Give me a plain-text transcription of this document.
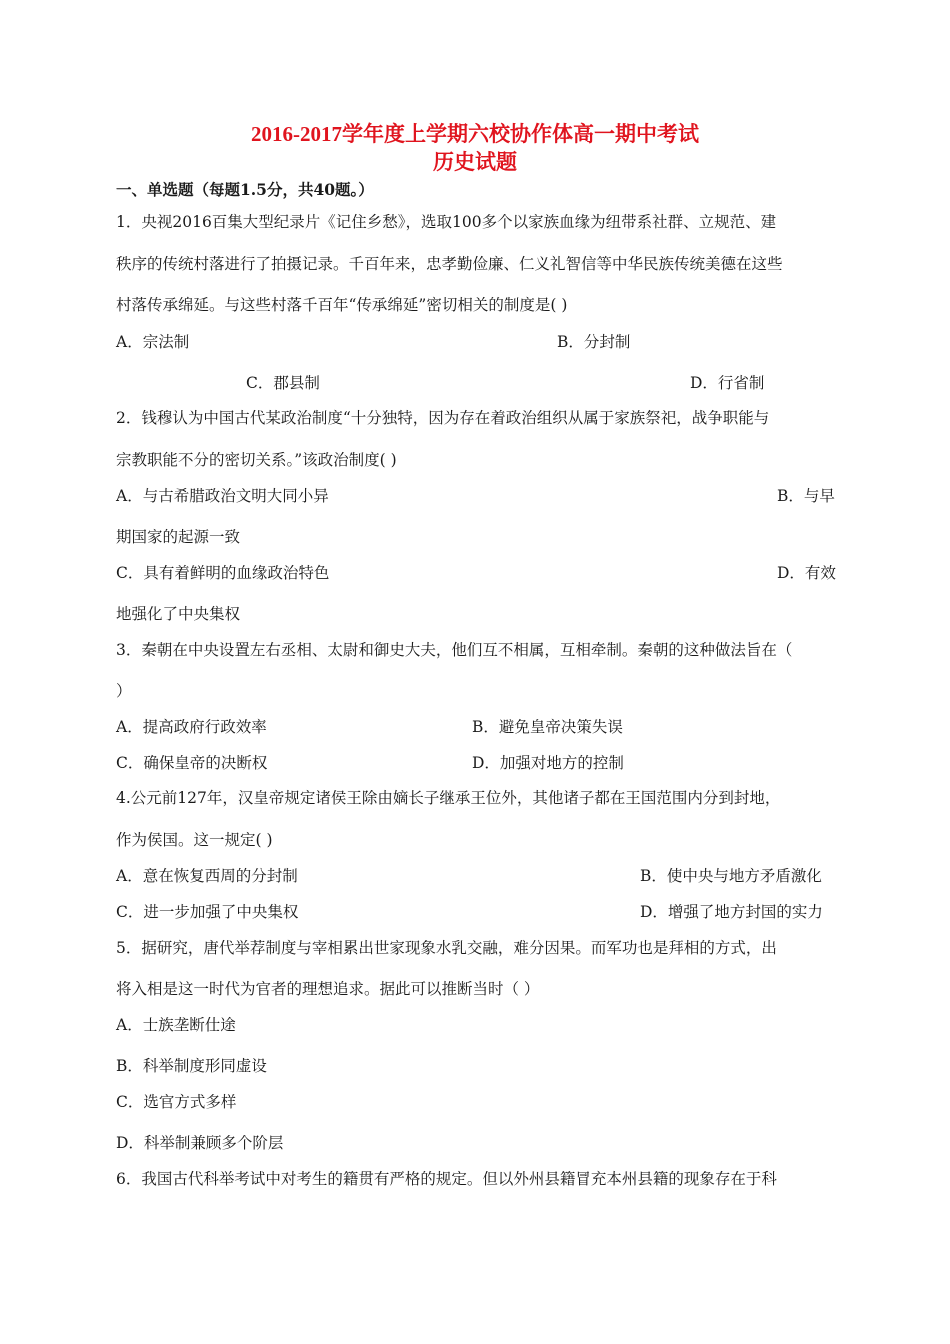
2016-2017学年度上学期六校协作体高一期中考试
历史试题
一、单选题（每题1.5分，共40题。）
1．央视2016百集大型纪录片《记住乡愁》，选取100多个以家族血缘为纽带系社群、立规范、建
秩序的传统村落进行了拍摄记录。千百年来，忠孝勤俭廉、仁义礼智信等中华民族传统美德在这些
村落传承绵延。与这些村落千百年“传承绵延”密切相关的制度是( )
A．宗法制	B．分封制
C．郡县制	D．行省制
2．钱穆认为中国古代某政治制度“十分独特，因为存在着政治组织从属于家族祭祀，战争职能与
宗教职能不分的密切关系。”该政治制度( )
A．与古希腊政治文明大同小异	B．与早
期国家的起源一致
C．具有着鲜明的血缘政治特色	D．有效
地强化了中央集权
3．秦朝在中央设置左右丞相、太尉和御史大夫，他们互不相属，互相牵制。秦朝的这种做法旨在（
）
A．提高政府行政效率	B．避免皇帝决策失误
C．确保皇帝的决断权	D．加强对地方的控制
4.公元前127年，汉皇帝规定诸侯王除由嫡长子继承王位外，其他诸子都在王国范围内分到封地，
作为侯国。这一规定( )
A．意在恢复西周的分封制	B．使中央与地方矛盾激化
C．进一步加强了中央集权	D．增强了地方封国的实力
5．据研究，唐代举荐制度与宰相累出世家现象水乳交融，难分因果。而军功也是拜相的方式，出
将入相是这一时代为官者的理想追求。据此可以推断当时（ ）
A．士族垄断仕途
B．科举制度形同虚设
C．选官方式多样
D．科举制兼顾多个阶层
6．我国古代科举考试中对考生的籍贯有严格的规定。但以外州县籍冒充本州县籍的现象存在于科
